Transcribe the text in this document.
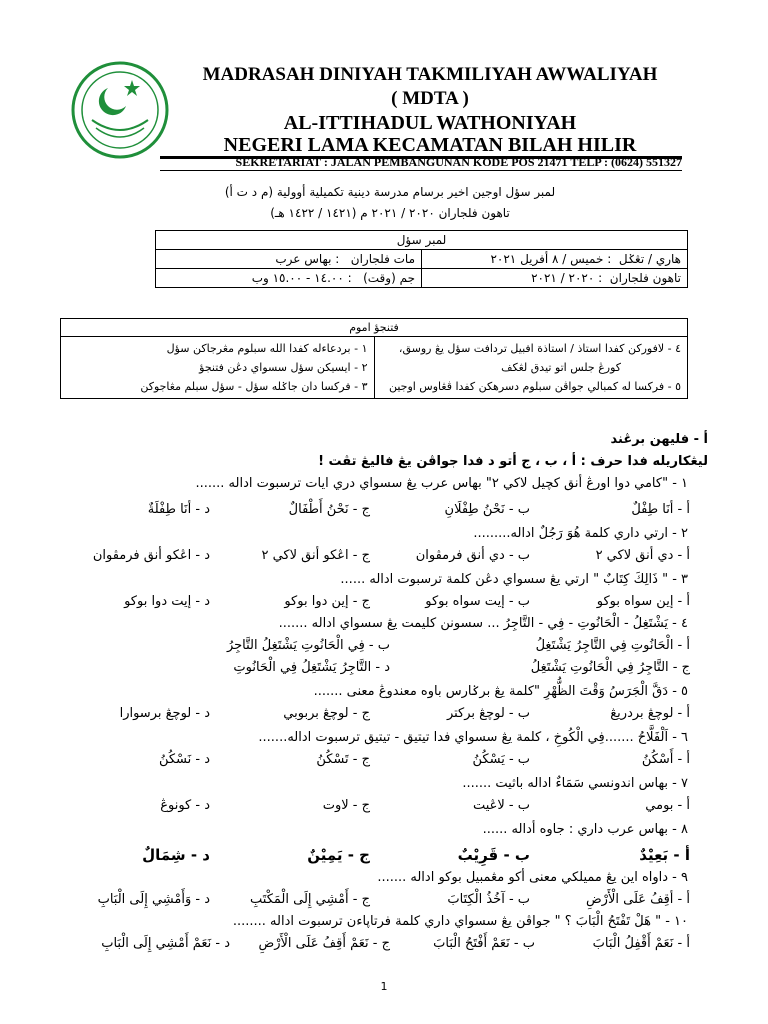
MADRASAH DINIYAH TAKMILIYAH AWWALIYAH
( MDTA )
AL-ITTIHADUL WATHONIYAH
NEGERI LAMA KECAMATAN BILAH HILIR
SEKRETARIAT : JALAN PEMBANGUNAN KODE POS 21471 TELP : (0624) 551327
لمبر سؤل اوجين اخير برسام مدرسة دينية تكميلية أوولية (م د ت أ)
تاهون فلجاران ٢٠٢٠ / ٢٠٢١ م (١٤٢١ / ١٤٢٢ هـ)
لمبر سؤل	
مات فلجاران   : بهاس عرب	هاري / تڠݢل  : خميس / ٨ أفريل ٢٠٢١
جم (وقت)   : ١٤.٠٠ - ١٥.٠٠ وب	تاهون فلجاران  : ٢٠٢٠ / ٢٠٢١
فتنجؤ اموم

١ - بردعاءله كفدا الله سبلوم مڠرجاكن سؤل
٢ - ايسيكن سؤل سسواي دڠن فتنجؤ
٣ - فركسا دان جاݢله سؤل - سؤل سبلم مڠاجوكن

٤ - لافوركن كفدا استاذ / استاذة افبيل تردافت سؤل يڠ روسق،
كورڠ جلس اتو تيدق لڠكف
٥ - فركسا له كمبالي جواڤن سبلوم دسرهكن كفدا ڤڠاوس اوجين
أ - فليهن برڠند
ليڠكاريله فدا حرف : أ ، ب ، ج أتو د فدا جواڤن يڠ فاليڠ تڤت !
١ - "كامي دوا اورڠ أنق كچيل لاكي ٢" بهاس عرب يڠ سسواي دري ايات ترسبوت اداله .......
أ - أنَا طِفْلٌ
ب - نَحْنُ طِفْلَانِ
ج - نَحْنُ أَطْفَالٌ
د - أنَا طِفْلَةٌ
٢ - ارتي داري كلمة هُوَ رَجُلٌ اداله.........
أ - دي أنق لاكي ٢
ب - دي أنق فرمڤوان
ج - اڠكو أنق لاكي ٢
د - اڠكو أنق فرمڤوان
٣ - " ذَالِكَ كِتَابٌ " ارتي يڠ سسواي دڠن كلمة ترسبوت اداله ......
أ - إين سواه بوكو
ب - إيت سواه بوكو
ج - إين دوا بوكو
د - إيت دوا بوكو
٤ - يَشْتَغِلُ - الْحَانُوتِ - فِي - التَّاجِرُ ... سسونن كليمت يڠ سسواي اداله .......
أ - الْحَانُوتِ فِي التَّاجِرُ يَشْتَغِلُ
ب - فِي الْحَانُوتِ يَشْتَغِلُ التَّاجِرُ
ج - التَّاجِرُ فِي الْحَانُوتِ يَشْتَغِلُ
د - التَّاجِرُ يَشْتَغِلُ فِي الْحَانُوتِ
٥ - دَقَّ الْجَرَسُ وَقْتَ الظُّهْرِ "كلمة يڠ برݢارس باوه معندوڠ معنى .......
أ - لوچڠ بردريڠ
ب - لوچڠ بركتر
ج - لوچڠ بربوبي
د - لوچڠ برسوارا
٦ - اَلْفَلَّاحُ .......فِي الْكُوخِ ، كلمة يڠ سسواي فدا تيتيق - تيتيق ترسبوت اداله.......
أ - أَسْكُنُ
ب - يَسْكُنُ
ج - تَسْكُنُ
د - نَسْكُنُ
٧ - بهاس اندونسي سَمَاءٌ اداله باثيت .......
أ - بومي
ب - لاڠيت
ج - لاوت
د - كونوڠ
٨ - بهاس عرب داري : جاوه أداله ......
أ - بَعِيْدٌ
ب - قَرِيْبٌ
ج - يَمِيْنٌ
د - شِمَالٌ
٩ - داواه اين يڠ مميلكي معنى أكو مڠمبيل بوكو اداله .......
أ - أقِفُ عَلَى الْأَرْضِ
ب - آخُذُ الْكِتَابَ
ج - أَمْشِي إِلَى الْمَكْتَبِ
د - وَأَمْشِي إِلَى الْبَابِ
١٠ - " هَلْ تَفْتَحُ الْبَابَ ؟ " جواڤن يڠ سسواي داري كلمة فرتاپاءن ترسبوت اداله ........
أ - نَعَمْ أَقْفِلُ الْبَابَ
ب - نَعَمْ أَفْتَحُ الْبَابَ
ج - نَعَمْ أَقِفُ عَلَى الْأَرْضِ
د - نَعَمْ أَمْشِي إِلَى الْبَابِ
1
